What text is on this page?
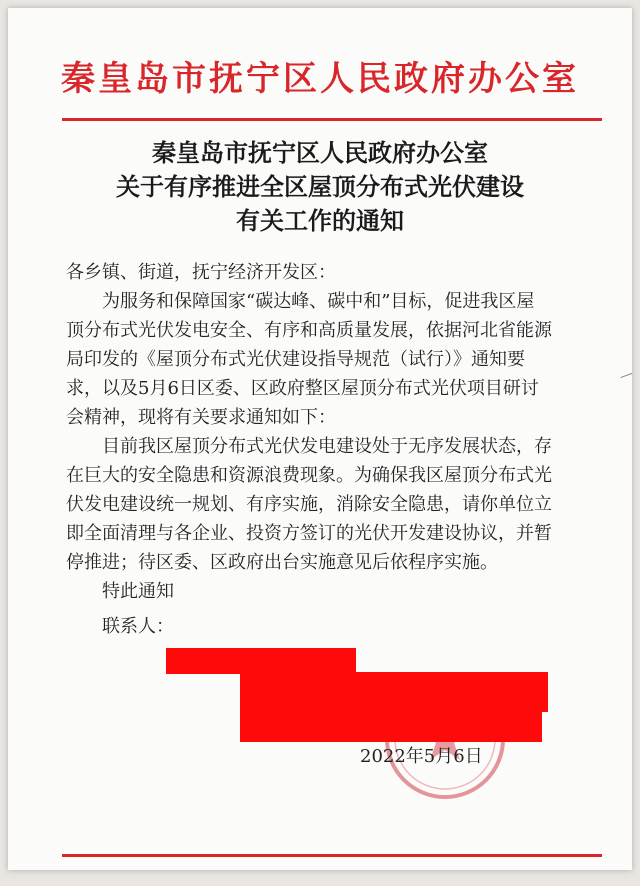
秦皇岛市抚宁区人民政府办公室
秦皇岛市抚宁区人民政府办公室
关于有序推进全区屋顶分布式光伏建设
有关工作的通知
各乡镇、街道，抚宁经济开发区：
为服务和保障国家“碳达峰、碳中和”目标，促进我区屋
顶分布式光伏发电安全、有序和高质量发展，依据河北省能源
局印发的《屋顶分布式光伏建设指导规范（试行）》通知要
求，以及5月6日区委、区政府整区屋顶分布式光伏项目研讨
会精神，现将有关要求通知如下：
目前我区屋顶分布式光伏发电建设处于无序发展状态，存
在巨大的安全隐患和资源浪费现象。为确保我区屋顶分布式光
伏发电建设统一规划、有序实施，消除安全隐患，请你单位立
即全面清理与各企业、投资方签订的光伏开发建设协议，并暂
停推进；待区委、区政府出台实施意见后依程序实施。
特此通知
联系人：
2022年5月6日
